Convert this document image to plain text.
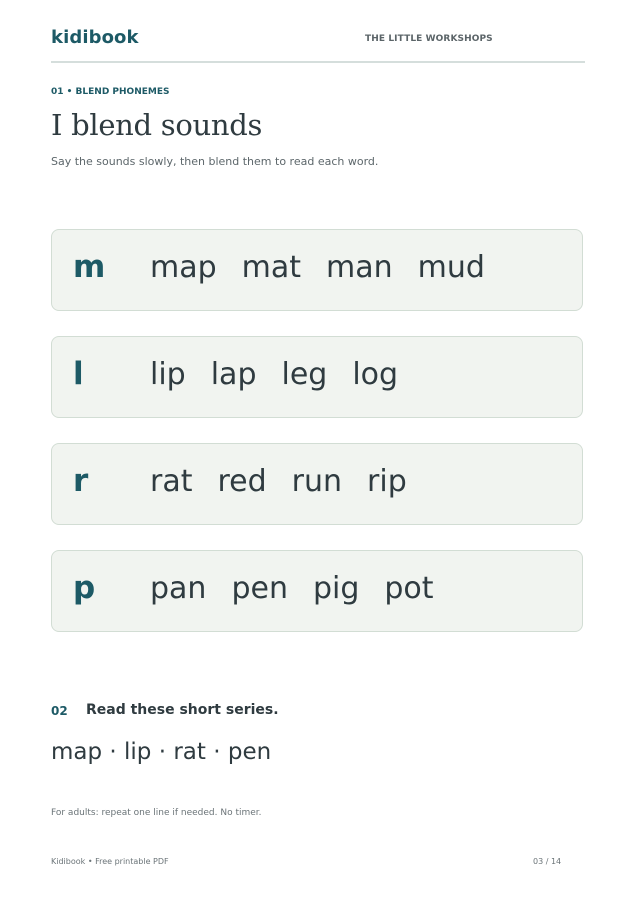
kidibook	THE LITTLE WORKSHOPS
01 • BLEND PHONEMES
I blend sounds
Say the sounds slowly, then blend them to read each word.
m map mat man mud
l lip lap leg log
r rat red run rip
p pan pen pig pot
02 Read these short series.
map · lip · rat · pen
For adults: repeat one line if needed. No timer.
Kidibook • Free printable PDF	03 / 14
